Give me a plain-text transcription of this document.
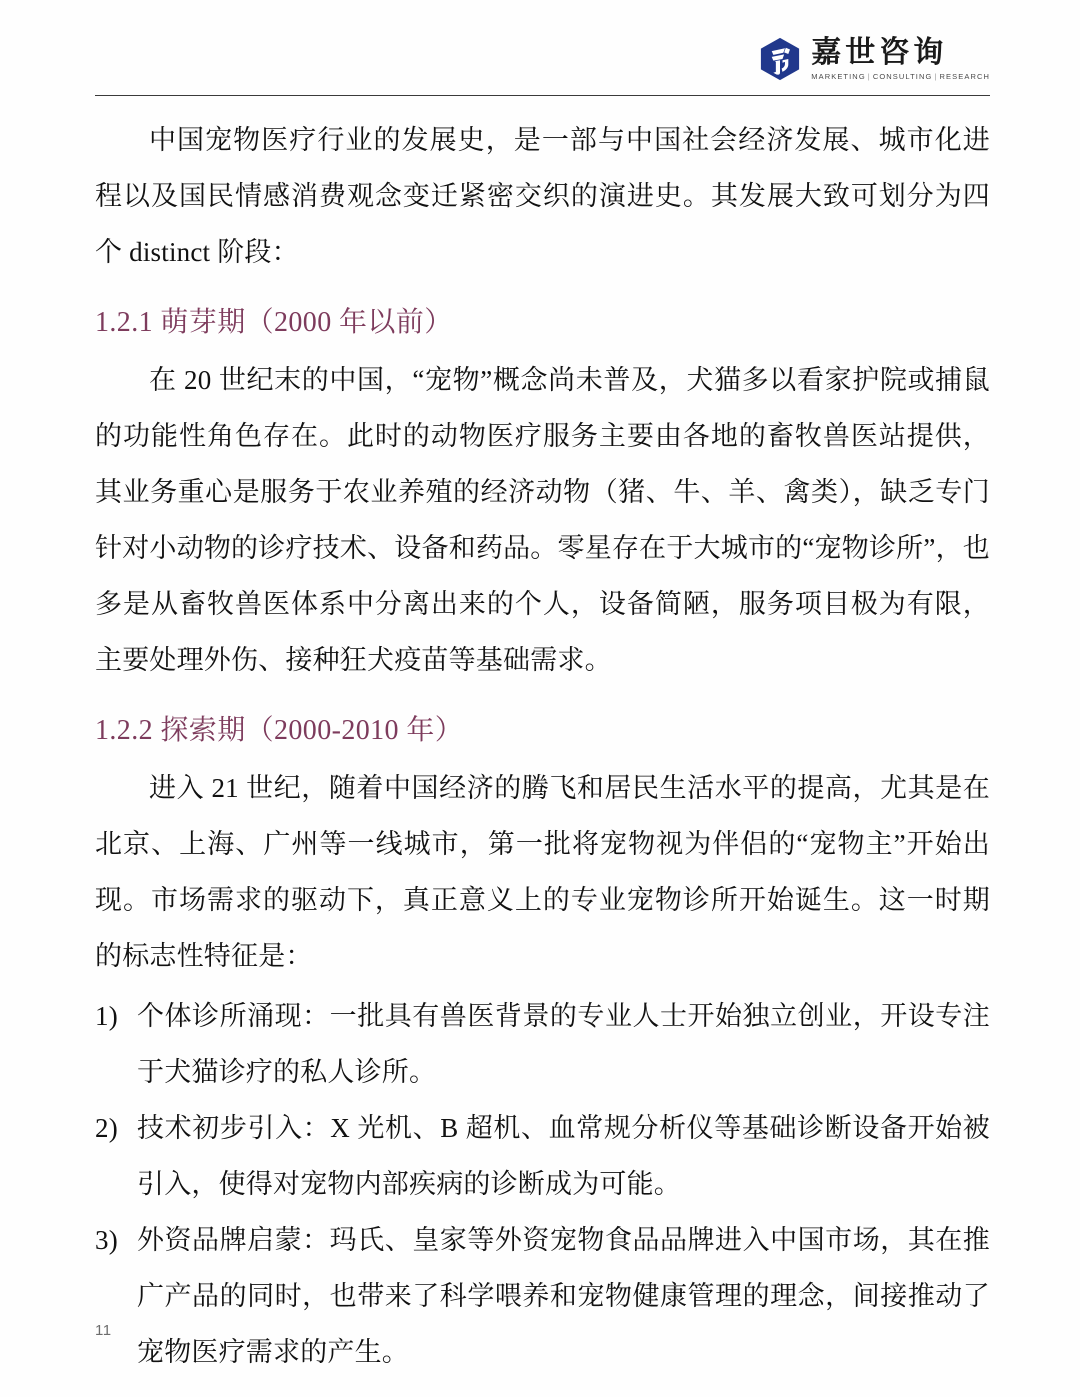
嘉世咨询
MARKETING | CONSULTING | RESEARCH

中国宠物医疗行业的发展史，是一部与中国社会经济发展、城市化进程以及国民情感消费观念变迁紧密交织的演进史。其发展大致可划分为四个 distinct 阶段：

1.2.1 萌芽期（2000 年以前）

在 20 世纪末的中国，“宠物”概念尚未普及，犬猫多以看家护院或捕鼠的功能性角色存在。此时的动物医疗服务主要由各地的畜牧兽医站提供，其业务重心是服务于农业养殖的经济动物（猪、牛、羊、禽类），缺乏专门针对小动物的诊疗技术、设备和药品。零星存在于大城市的“宠物诊所”，也多是从畜牧兽医体系中分离出来的个人，设备简陋，服务项目极为有限，主要处理外伤、接种狂犬疫苗等基础需求。

1.2.2 探索期（2000-2010 年）

进入 21 世纪，随着中国经济的腾飞和居民生活水平的提高，尤其是在北京、上海、广州等一线城市，第一批将宠物视为伴侣的“宠物主”开始出现。市场需求的驱动下，真正意义上的专业宠物诊所开始诞生。这一时期的标志性特征是：

1) 个体诊所涌现：一批具有兽医背景的专业人士开始独立创业，开设专注于犬猫诊疗的私人诊所。
2) 技术初步引入：X 光机、B 超机、血常规分析仪等基础诊断设备开始被引入，使得对宠物内部疾病的诊断成为可能。
3) 外资品牌启蒙：玛氏、皇家等外资宠物食品品牌进入中国市场，其在推广产品的同时，也带来了科学喂养和宠物健康管理的理念，间接推动了宠物医疗需求的产生。
11
